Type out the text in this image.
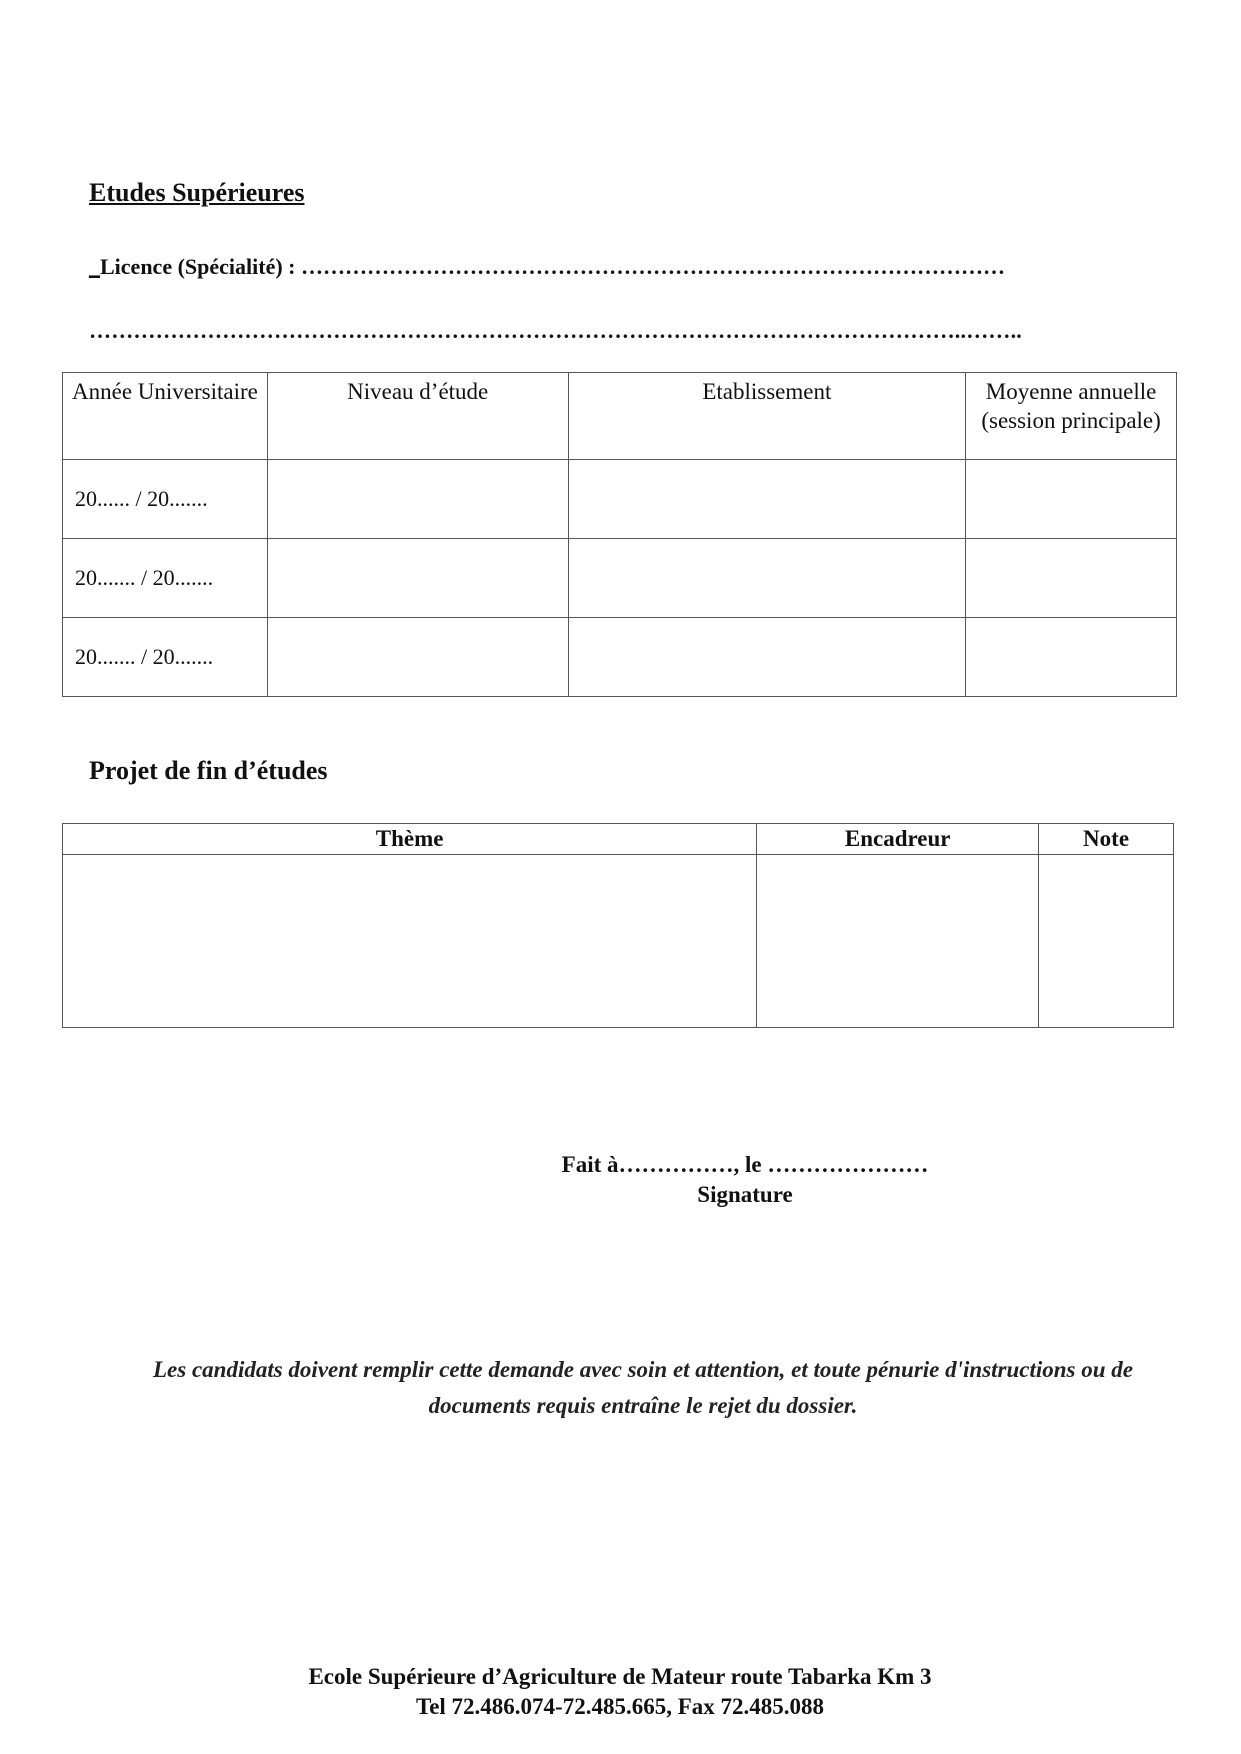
Etudes Supérieures
_Licence (Spécialité) : ……………………………………………………………………………………
………………………………………………………………………………………………………..……..
Année Universitaire	Niveau d’étude	Etablissement	Moyenne annuelle (session principale)
20...... / 20.......			
20....... / 20.......			
20....... / 20.......			
Projet de fin d’études
Thème	Encadreur	Note

Fait à……………, le …………………
Signature
Les candidats doivent remplir cette demande avec soin et attention, et toute pénurie d'instructions ou de documents requis entraîne le rejet du dossier.
Ecole Supérieure d’Agriculture de Mateur route Tabarka Km 3
Tel 72.486.074-72.485.665, Fax 72.485.088
